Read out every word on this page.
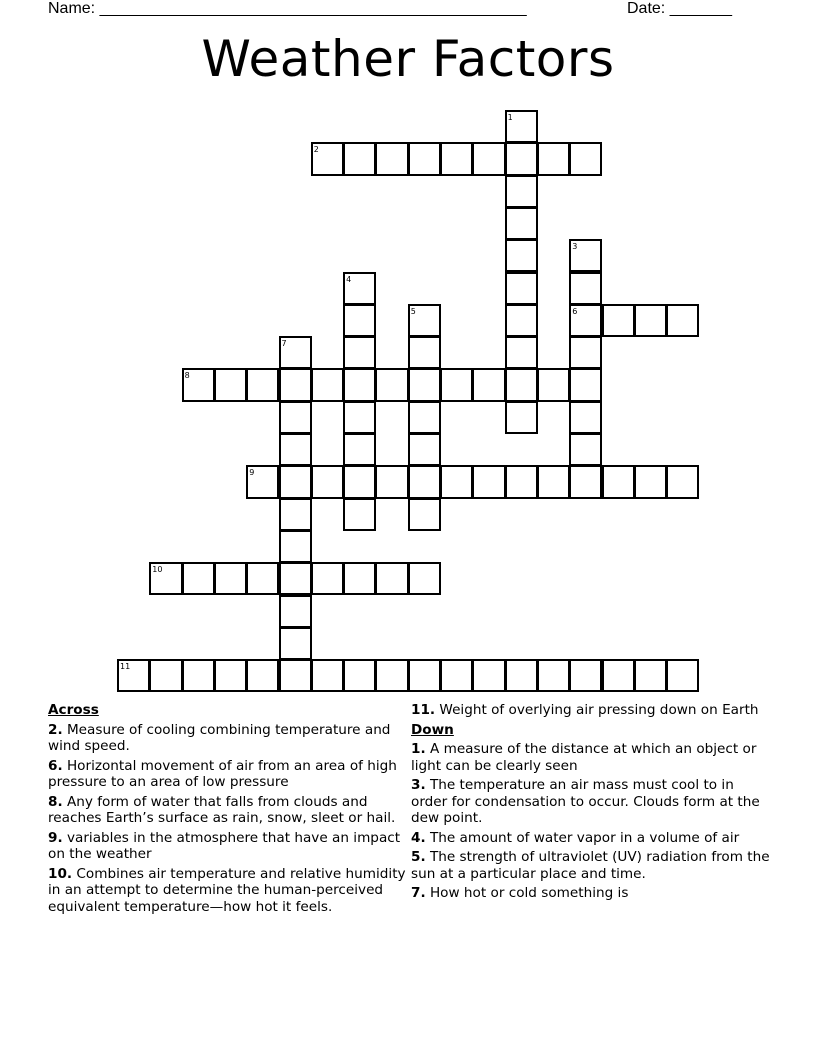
Name: ________________________________________________	Date: _______
Weather Factors
1
2
3
4
5	6
7
8
9
10
11
Across
2. Measure of cooling combining temperature and wind speed.
6. Horizontal movement of air from an area of high pressure to an area of low pressure
8. Any form of water that falls from clouds and reaches Earth’s surface as rain, snow, sleet or hail.
9. variables in the atmosphere that have an impact on the weather
10. Combines air temperature and relative humidity in an attempt to determine the human-perceived equivalent temperature—how hot it feels.
11. Weight of overlying air pressing down on Earth
Down
1. A measure of the distance at which an object or light can be clearly seen
3. The temperature an air mass must cool to in order for condensation to occur. Clouds form at the dew point.
4. The amount of water vapor in a volume of air
5. The strength of ultraviolet (UV) radiation from the sun at a particular place and time.
7. How hot or cold something is
